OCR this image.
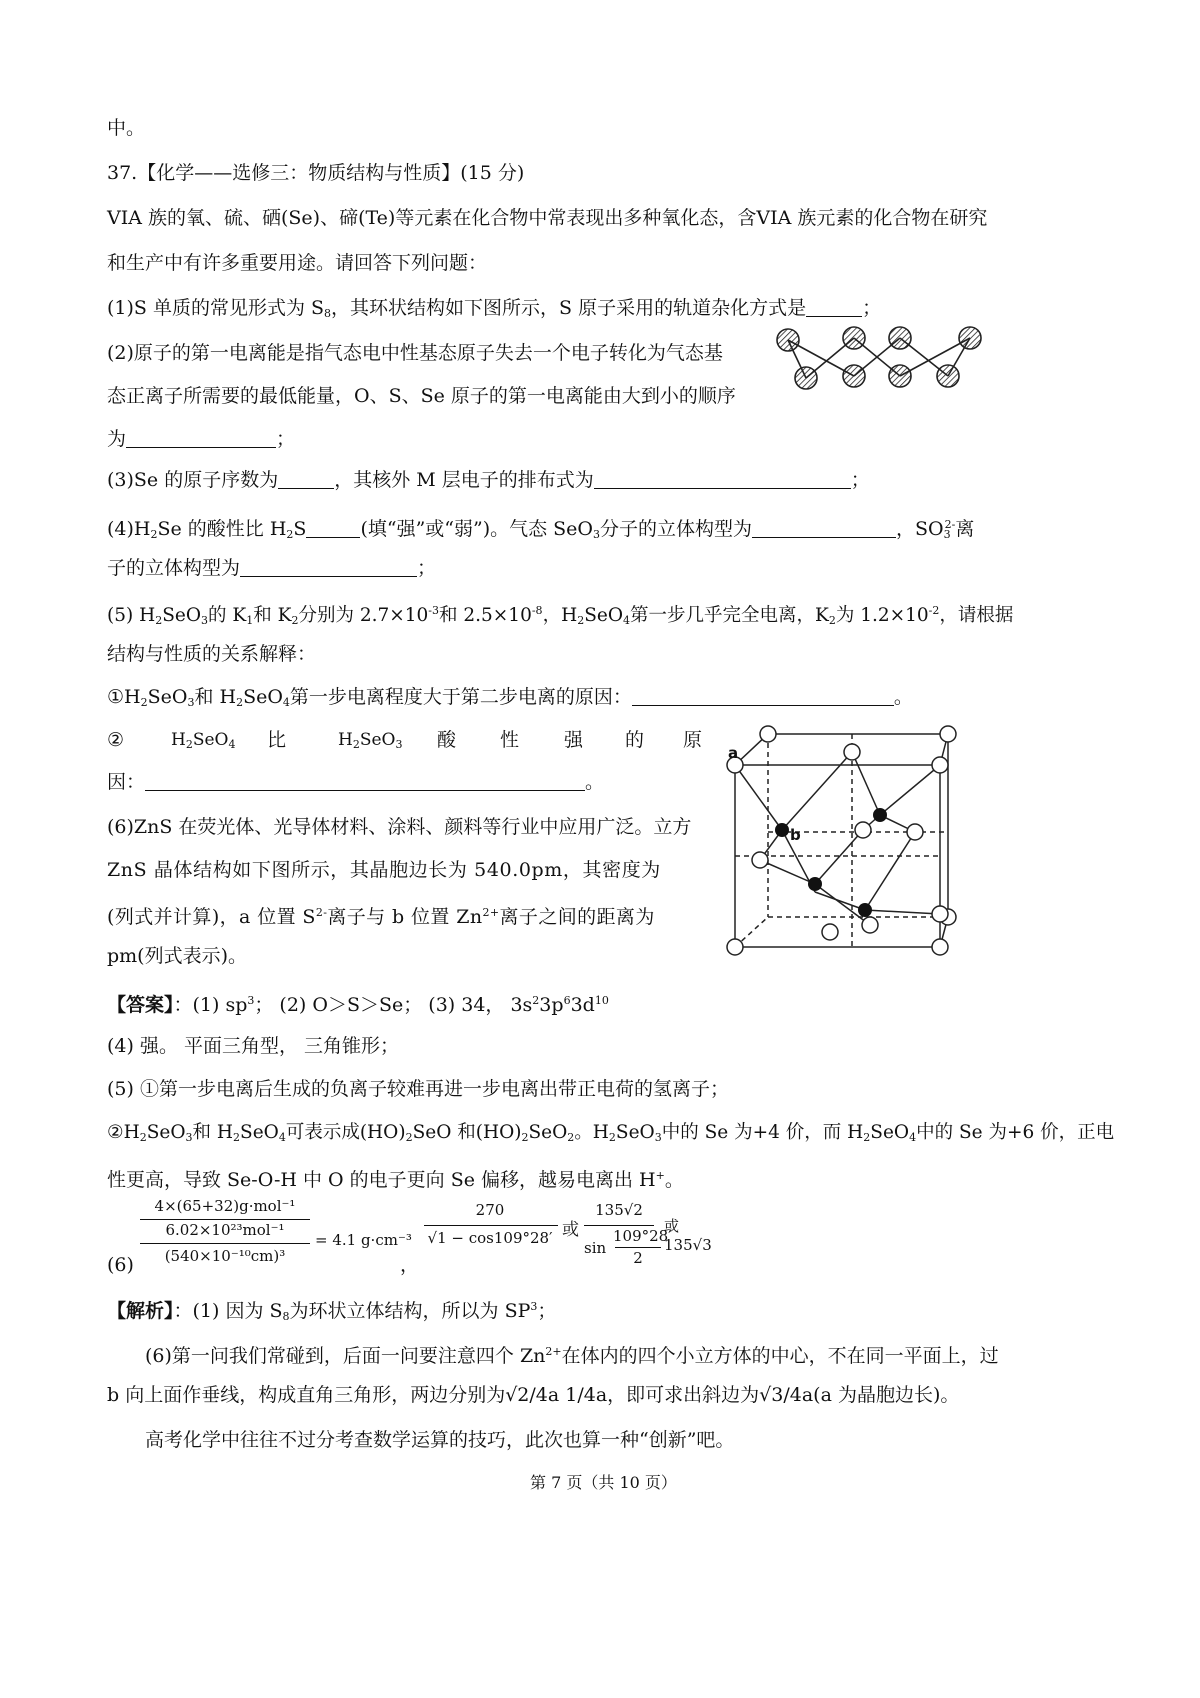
中。
37.【化学——选修三：物质结构与性质】(15 分)
VIA 族的氧、硫、硒(Se)、碲(Te)等元素在化合物中常表现出多种氧化态，含VIA 族元素的化合物在研究
和生产中有许多重要用途。请回答下列问题：
(1)S 单质的常见形式为 $S_8$，其环状结构如下图所示，S 原子采用的轨道杂化方式是	；
(2)原子的第一电离能是指气态电中性基态原子失去一个电子转化为气态基
态正离子所需要的最低能量，O、S、Se 原子的第一电离能由大到小的顺序
为	；
(3)Se 的原子序数为	，其核外 M 层电子的排布式为	；
$(4)H_2Se$ 的酸性比 $H_2S$	(填“强”或“弱”)。气态 SeO$_3$分子的立体构型为	，$SO_3^{2-}$离
子的立体构型为	；
(5) $H_2SeO_3$的 $K_1$和 $K_2$分别为 $2.7\times 10^{-3}$和 $2.5\times 10^{-8}$，$H_2SeO_4$第一步几乎完全电离，$K_2$为 $1.2\times 10^{-2}$，请根据
结构与性质的关系解释：
$①H_2SeO_3$和 $H_2SeO_4$第一步电离程度大于第二步电离的原因：	。
②	$H_2SeO_4$ 比	$H_2SeO_3$ 酸 性 强 的 原
因：	。
(6)ZnS 在荧光体、光导体材料、涂料、颜料等行业中应用广泛。立方
ZnS 晶体结构如下图所示，其晶胞边长为 540.0pm，其密度为
(列式并计算)，a 位置 $S^{2-}$离子与 b 位置 $Zn^{2+}$离子之间的距离为
pm(列式表示)。
【答案】：(1) $sp^3$； (2) O＞S＞Se； (3) 34， $3s^23p^63d^{10}$
(4) 强。 平面三角型， 三角锥形；
(5) ①第一步电离后生成的负离子较难再进一步电离出带正电荷的氢离子；
$②H_2SeO_3$和 $H_2SeO_4$可表示成$(HO)_2SeO$ 和$(HO)_2SeO_2$。$H_2SeO_3$中的 Se 为+4 价，而 $H_2SeO_4$中的 Se 为+6 价，正电
性更高，导致 Se-O-H 中 O 的电子更向 Se 偏移，越易电离出 H+。
(6)
4×(65+32)g·mol⁻¹
6.02×10²³mol⁻¹
(540×10⁻¹⁰cm)³
= 4.1 g·cm⁻³
，
270
√1 − cos109°28′ 或
135√2
sin
109°28′
2
或135√3
【解析】：(1) 因为 $S_8$为环状立体结构，所以为 $SP^3$；
(6)第一问我们常碰到，后面一问要注意四个 $Zn^{2+}$在体内的四个小立方体的中心，不在同一平面上，过
b 向上面作垂线，构成直角三角形，两边分别为√2/4a 1/4a，即可求出斜边为√3/4a(a 为晶胞边长)。
高考化学中往往不过分考查数学运算的技巧，此次也算一种“创新”吧。
第 7 页（共 10 页）
a
b
